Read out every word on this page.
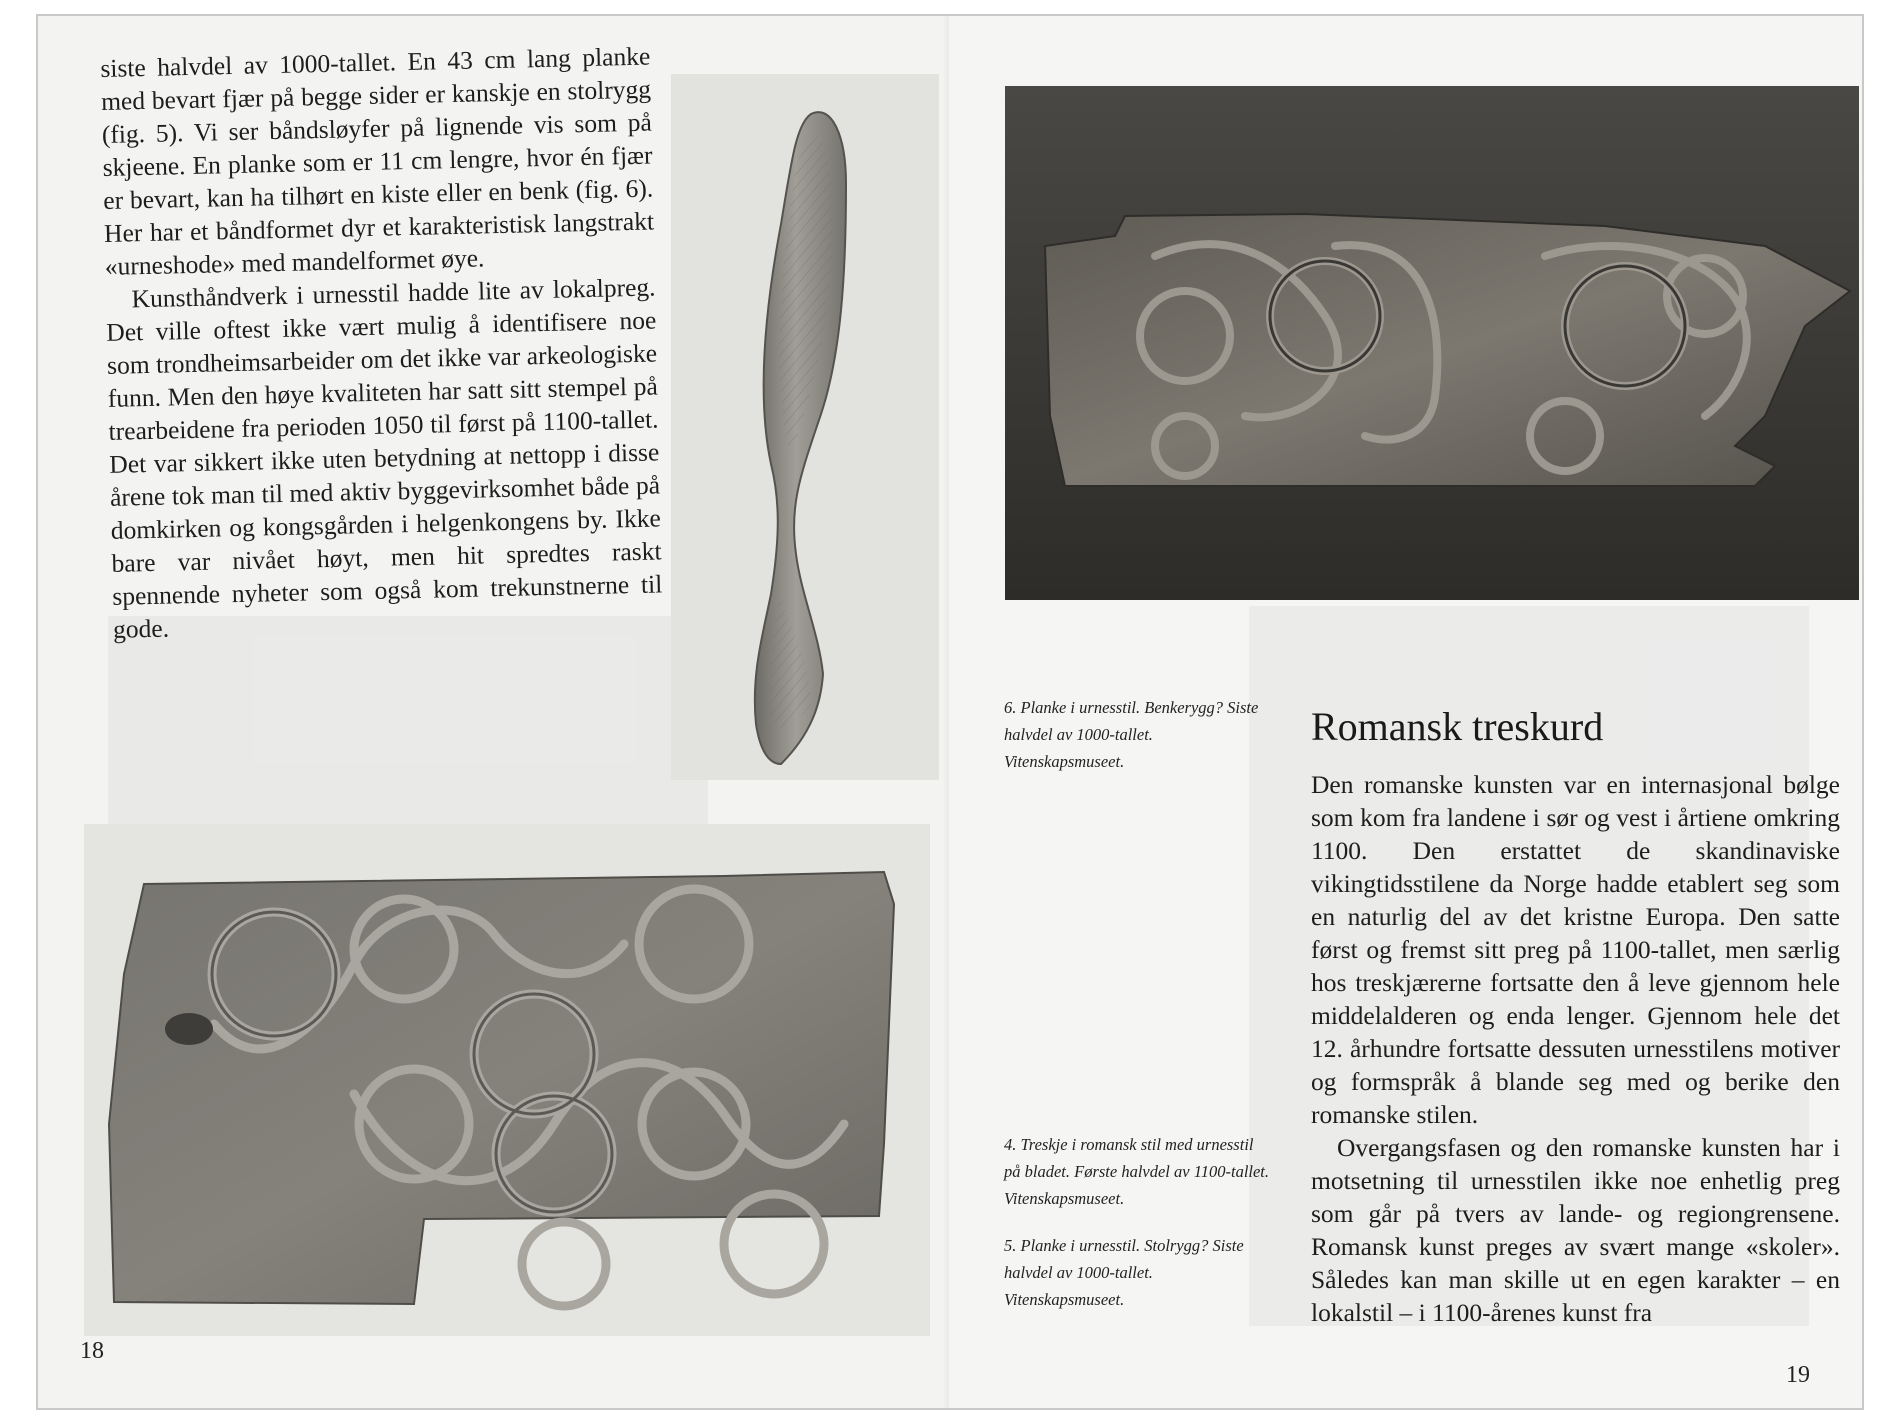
siste halvdel av 1000-tallet. En 43 cm lang planke med bevart fjær på begge sider er kanskje en stolrygg (fig. 5). Vi ser båndsløyfer på lignende vis som på skjeene. En planke som er 11 cm lengre, hvor én fjær er bevart, kan ha tilhørt en kiste eller en benk (fig. 6). Her har et båndformet dyr et karakteristisk langstrakt «urneshode» med mandelformet øye.

Kunsthåndverk i urnesstil hadde lite av lokalpreg. Det ville oftest ikke vært mulig å identifisere noe som trondheimsarbeider om det ikke var arkeologiske funn. Men den høye kvaliteten har satt sitt stempel på trearbeidene fra perioden 1050 til først på 1100-tallet. Det var sikkert ikke uten betydning at nettopp i disse årene tok man til med aktiv byggevirksomhet både på domkirken og kongsgården i helgenkongens by. Ikke bare var nivået høyt, men hit spredtes raskt spennende nyheter som også kom trekunstnerne til gode.

18

6. Planke i urnesstil. Benkerygg? Siste halvdel av 1000-tallet. Vitenskapsmuseet.

4. Treskje i romansk stil med urnesstil på bladet. Første halvdel av 1100-tallet. Vitenskapsmuseet.

5. Planke i urnesstil. Stolrygg? Siste halvdel av 1000-tallet. Vitenskapsmuseet.

Romansk treskurd

Den romanske kunsten var en internasjonal bølge som kom fra landene i sør og vest i årtiene omkring 1100. Den erstattet de skandinaviske vikingtidsstilene da Norge hadde etablert seg som en naturlig del av det kristne Europa. Den satte først og fremst sitt preg på 1100-tallet, men særlig hos treskjærerne fortsatte den å leve gjennom hele middelalderen og enda lenger. Gjennom hele det 12. århundre fortsatte dessuten urnesstilens motiver og formspråk å blande seg med og berike den romanske stilen.

Overgangsfasen og den romanske kunsten har i motsetning til urnesstilen ikke noe enhetlig preg som går på tvers av lande- og regiongrensene. Romansk kunst preges av svært mange «skoler». Således kan man skille ut en egen karakter – en lokalstil – i 1100-årenes kunst fra

19
